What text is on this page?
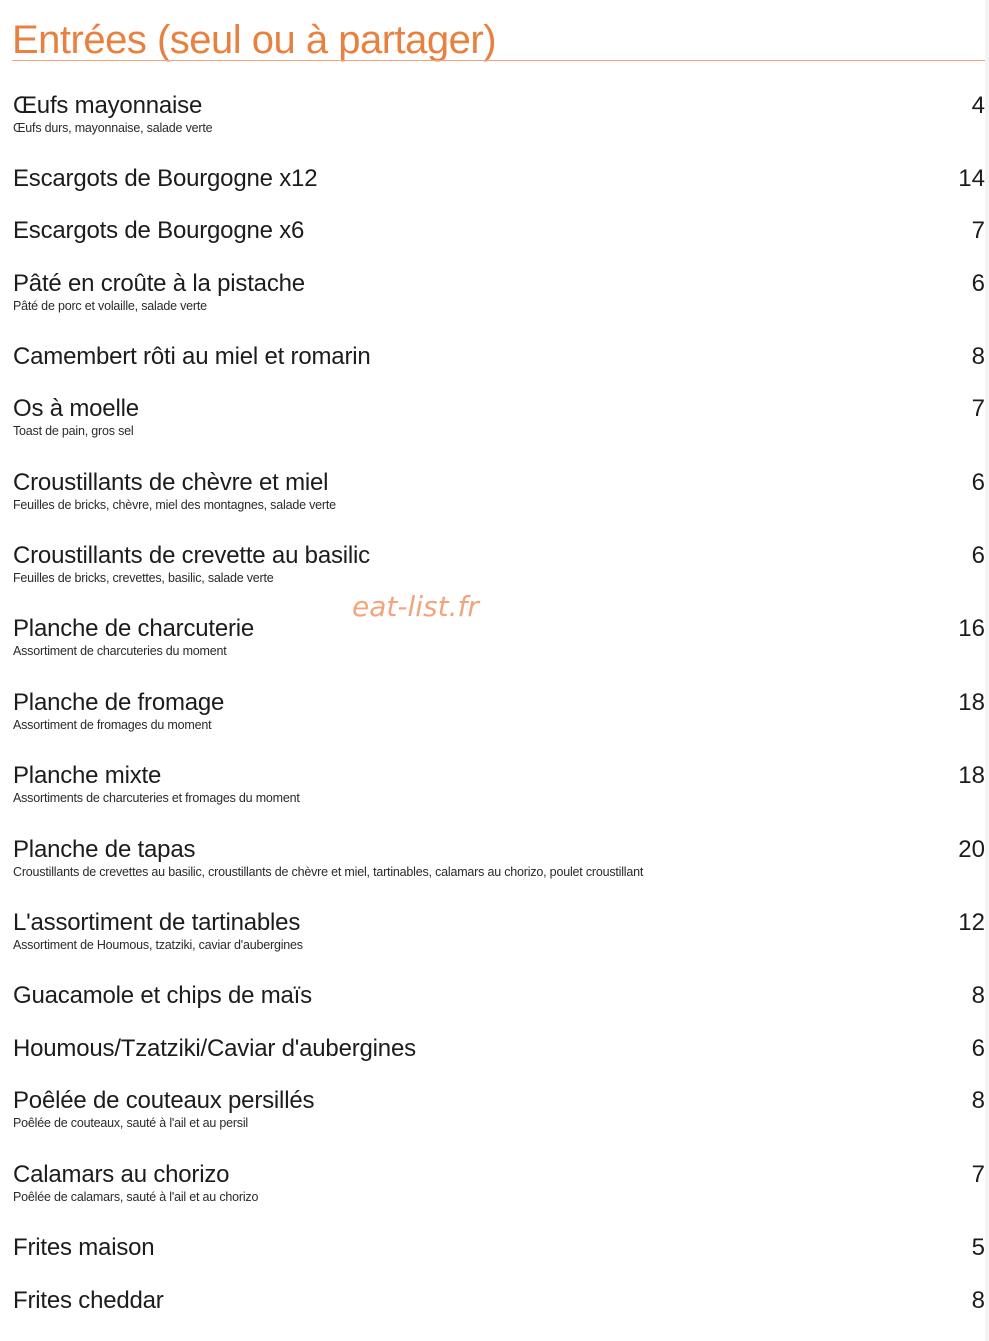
Entrées (seul ou à partager)
Œufs mayonnaise	4
Œufs durs, mayonnaise, salade verte
Escargots de Bourgogne x12	14
Escargots de Bourgogne x6	7
Pâté en croûte à la pistache	6
Pâté de porc et volaille, salade verte
Camembert rôti au miel et romarin	8
Os à moelle	7
Toast de pain, gros sel
Croustillants de chèvre et miel	6
Feuilles de bricks, chèvre, miel des montagnes, salade verte
Croustillants de crevette au basilic	6
Feuilles de bricks, crevettes, basilic, salade verte
Planche de charcuterie	16
Assortiment de charcuteries du moment
Planche de fromage	18
Assortiment de fromages du moment
Planche mixte	18
Assortiments de charcuteries et fromages du moment
Planche de tapas	20
Croustillants de crevettes au basilic, croustillants de chèvre et miel, tartinables, calamars au chorizo, poulet croustillant
L'assortiment de tartinables	12
Assortiment de Houmous, tzatziki, caviar d'aubergines
Guacamole et chips de maïs	8
Houmous/Tzatziki/Caviar d'aubergines	6
Poêlée de couteaux persillés	8
Poêlée de couteaux, sauté à l'ail et au persil
Calamars au chorizo	7
Poêlée de calamars, sauté à l'ail et au chorizo
Frites maison	5
Frites cheddar	8
eat-list.fr
